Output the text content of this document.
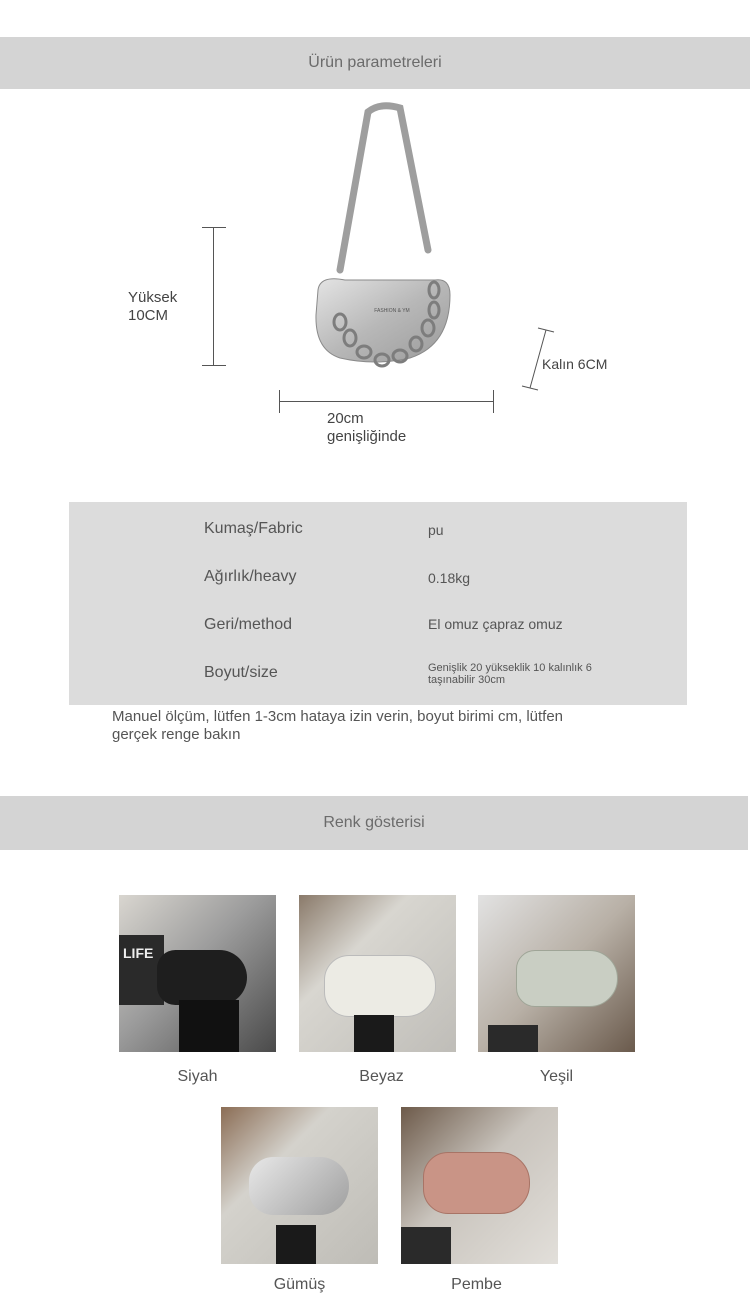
Ürün parametreleri
Yüksek
10CM
20cm
genişliğinde
Kalın 6CM
FASHION & YM
Kumaş/Fabric	pu
Ağırlık/heavy	0.18kg
Geri/method	El omuz çapraz omuz
Boyut/size	Genişlik 20 yükseklik 10 kalınlık 6 taşınabilir 30cm
Manuel ölçüm, lütfen 1-3cm hataya izin verin, boyut birimi cm, lütfen gerçek renge bakın
Renk gösterisi
LIFE
Siyah	Beyaz	Yeşil
Gümüş	Pembe
